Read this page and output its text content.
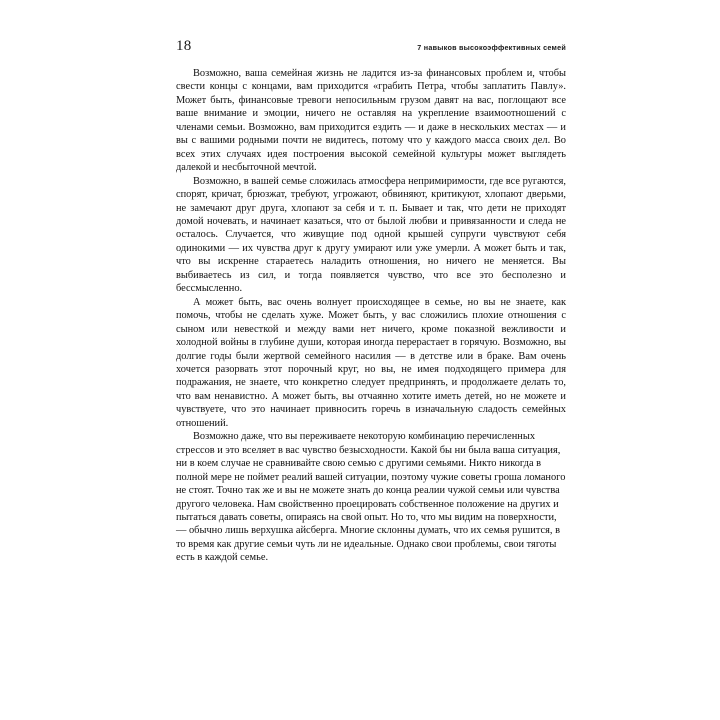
18	7 навыков высокоэффективных семей

Возможно, ваша семейная жизнь не ладится из-за финансовых проблем и, чтобы свести концы с концами, вам приходится «грабить Петра, чтобы заплатить Павлу». Может быть, финансовые тревоги непосильным грузом давят на вас, поглощают все ваше внимание и эмоции, ничего не оставляя на укрепление взаимоотношений с членами семьи. Возможно, вам приходится ездить — и даже в нескольких местах — и вы с вашими родными почти не видитесь, потому что у каждого масса своих дел. Во всех этих случаях идея построения высокой семейной культуры может выглядеть далекой и несбыточной мечтой.

Возможно, в вашей семье сложилась атмосфера непримиримости, где все ругаются, спорят, кричат, брюзжат, требуют, угрожают, обвиняют, критикуют, хлопают дверьми, не замечают друг друга, хлопают за себя и т. п. Бывает и так, что дети не приходят домой ночевать, и начинает казаться, что от былой любви и привязанности и следа не осталось. Случается, что живущие под одной крышей супруги чувствуют себя одинокими — их чувства друг к другу умирают или уже умерли. А может быть и так, что вы искренне стараетесь наладить отношения, но ничего не меняется. Вы выбиваетесь из сил, и тогда появляется чувство, что все это бесполезно и бессмысленно.

А может быть, вас очень волнует происходящее в семье, но вы не знаете, как помочь, чтобы не сделать хуже. Может быть, у вас сложились плохие отношения с сыном или невесткой и между вами нет ничего, кроме показной вежливости и холодной войны в глубине души, которая иногда перерастает в горячую. Возможно, вы долгие годы были жертвой семейного насилия — в детстве или в браке. Вам очень хочется разорвать этот порочный круг, но вы, не имея подходящего примера для подражания, не знаете, что конкретно следует предпринять, и продолжаете делать то, что вам ненавистно. А может быть, вы отчаянно хотите иметь детей, но не можете и чувствуете, что это начинает привносить горечь в изначальную сладость семейных отношений.

Возможно даже, что вы переживаете некоторую комбинацию перечисленных стрессов и это вселяет в вас чувство безысходности. Какой бы ни была ваша ситуация, ни в коем случае не сравнивайте свою семью с другими семьями. Никто никогда в полной мере не поймет реалий вашей ситуации, поэтому чужие советы гроша ломаного не стоят. Точно так же и вы не можете знать до конца реалии чужой семьи или чувства другого человека. Нам свойственно проецировать собственное положение на других и пытаться давать советы, опираясь на свой опыт. Но то, что мы видим на поверхности, — обычно лишь верхушка айсберга. Многие склонны думать, что их семья рушится, в то время как другие семьи чуть ли не идеальные. Однако свои проблемы, свои тяготы есть в каждой семье.
